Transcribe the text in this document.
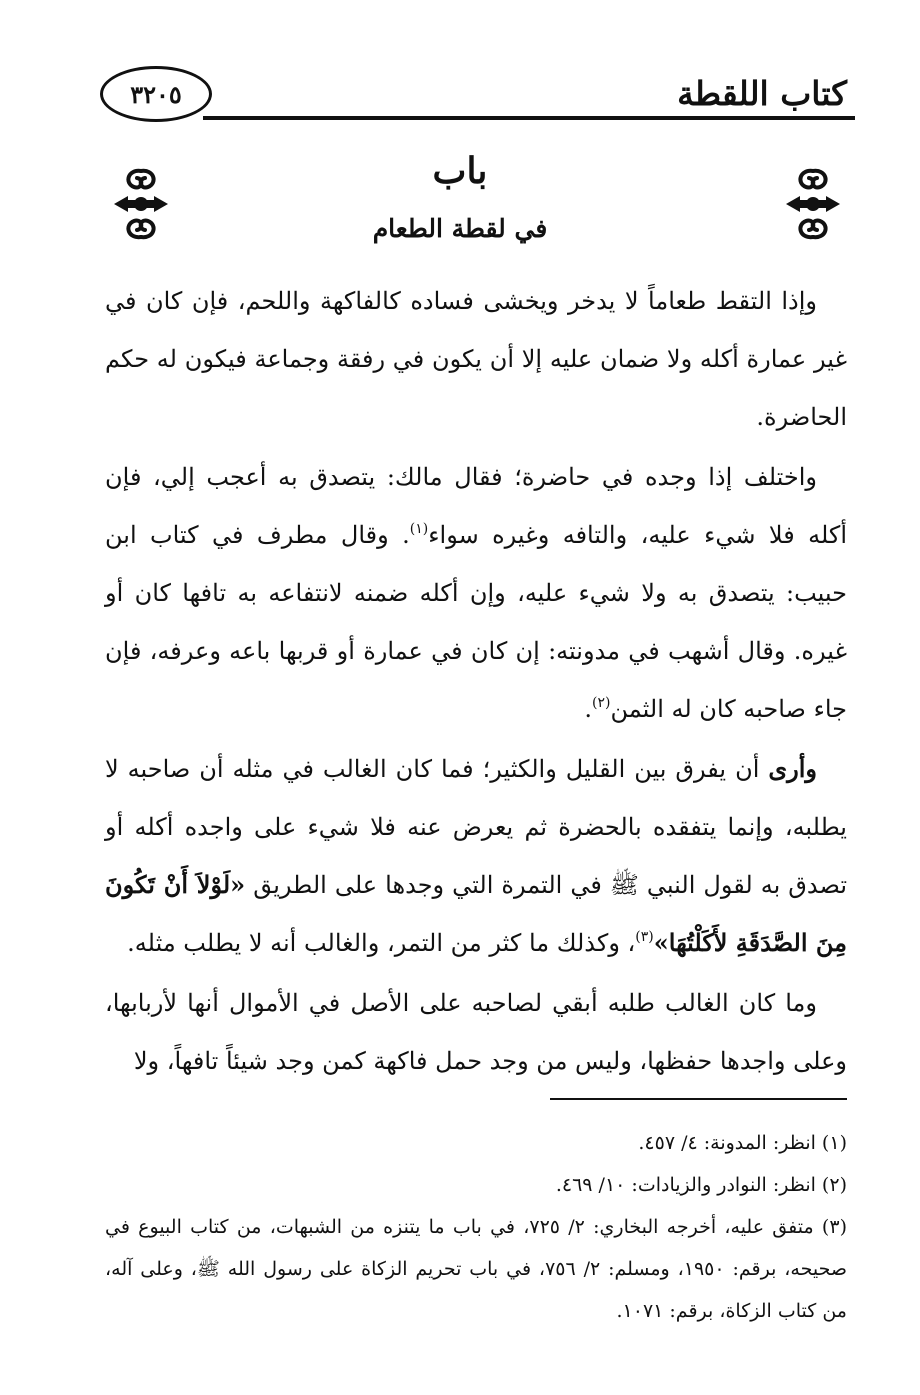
٣٢٠٥	كتاب اللقطة
باب
في لقطة الطعام

وإذا التقط طعاماً لا يدخر ويخشى فساده كالفاكهة واللحم، فإن كان في غير عمارة أكله ولا ضمان عليه إلا أن يكون في رفقة وجماعة فيكون له حكم الحاضرة.

واختلف إذا وجده في حاضرة؛ فقال مالك: يتصدق به أعجب إلي، فإن أكله فلا شيء عليه، والتافه وغيره سواء$^{(١)}$. وقال مطرف في كتاب ابن حبيب: يتصدق به ولا شيء عليه، وإن أكله ضمنه لانتفاعه به تافها كان أو غيره. وقال أشهب في مدونته: إن كان في عمارة أو قربها باعه وعرفه، فإن جاء صاحبه كان له الثمن$^{(٢)}$.

وأرى أن يفرق بين القليل والكثير؛ فما كان الغالب في مثله أن صاحبه لا يطلبه، وإنما يتفقده بالحضرة ثم يعرض عنه فلا شيء على واجده أكله أو تصدق به لقول النبي ﷺ في التمرة التي وجدها على الطريق «لَوْلاَ أَنْ تَكُونَ مِنَ الصَّدَقَةِ لأَكَلْتُهَا»$^{(٣)}$، وكذلك ما كثر من التمر، والغالب أنه لا يطلب مثله.

وما كان الغالب طلبه أبقي لصاحبه على الأصل في الأموال أنها لأربابها، وعلى واجدها حفظها، وليس من وجد حمل فاكهة كمن وجد شيئاً تافهاً، ولا

(١) انظر: المدونة: ٤/ ٤٥٧.
(٢) انظر: النوادر والزيادات: ١٠/ ٤٦٩.
(٣) متفق عليه، أخرجه البخاري: ٢/ ٧٢٥، في باب ما يتنزه من الشبهات، من كتاب البيوع في صحيحه، برقم: ١٩٥٠، ومسلم: ٢/ ٧٥٦، في باب تحريم الزكاة على رسول الله ﷺ، وعلى آله، من كتاب الزكاة، برقم: ١٠٧١.
